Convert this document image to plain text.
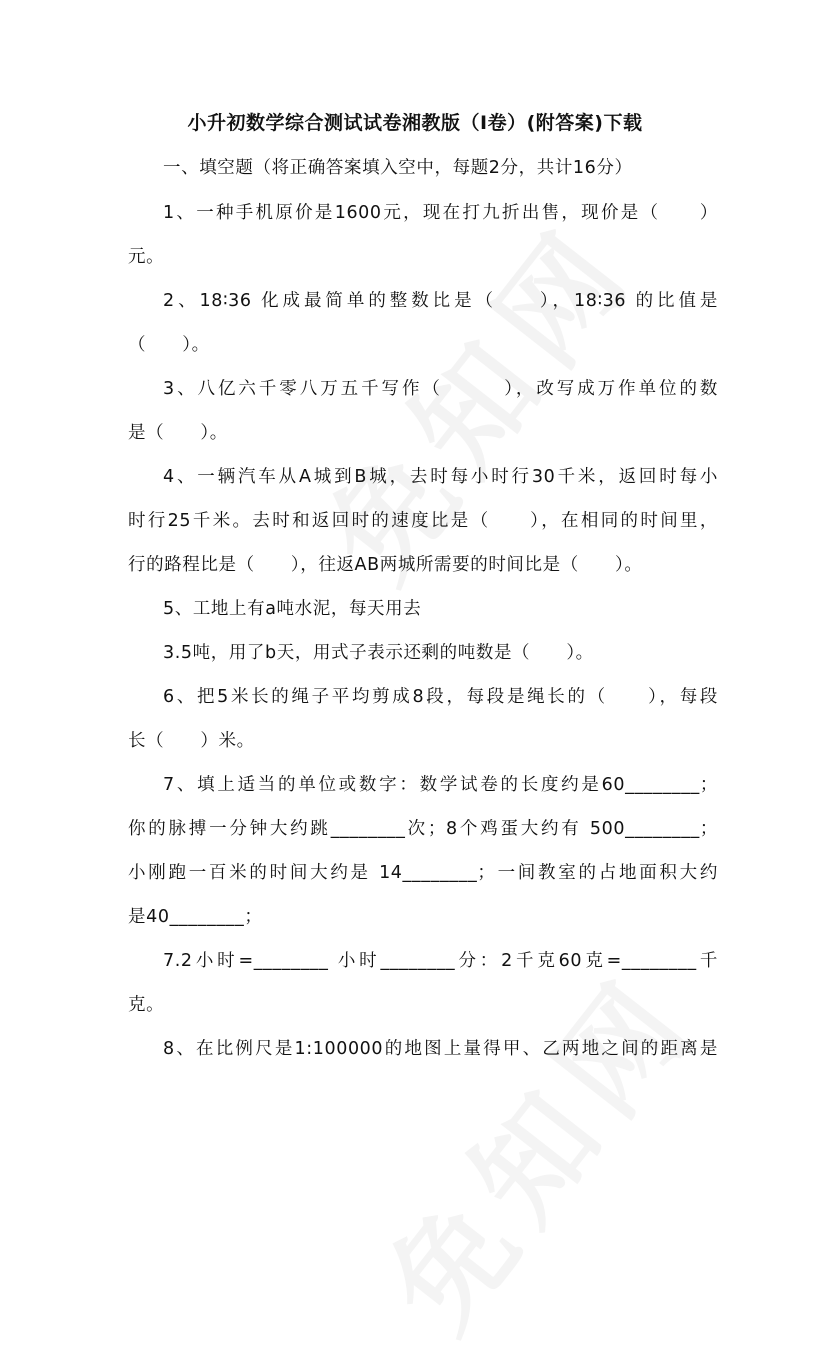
小升初数学综合测试试卷湘教版（I卷）(附答案)下载
一、填空题（将正确答案填入空中，每题2分，共计16分）
1、一种手机原价是1600元，现在打九折出售，现价是（　　）
元。
2、18∶36 化成最简单的整数比是（　　），18∶36 的比值是
（　　）。
3、八亿六千零八万五千写作（　　　），改写成万作单位的数
是（　　）。
4、一辆汽车从A城到B城，去时每小时行30千米，返回时每小
时行25千米。去时和返回时的速度比是（　　），在相同的时间里，
行的路程比是（　　），往返AB两城所需要的时间比是（　　）。
5、工地上有a吨水泥，每天用去
3.5吨，用了b天，用式子表示还剩的吨数是（　　）。
6、把5米长的绳子平均剪成8段，每段是绳长的（　　），每段
长（　　）米。
7、填上适当的单位或数字：数学试卷的长度约是60________；
你的脉搏一分钟大约跳________次；8个鸡蛋大约有 500________；
小刚跑一百米的时间大约是 14________；一间教室的占地面积大约
是40________；
7.2小时=________ 小时________分：2千克60克=________千
克。
8、在比例尺是1:100000的地图上量得甲、乙两地之间的距离是
